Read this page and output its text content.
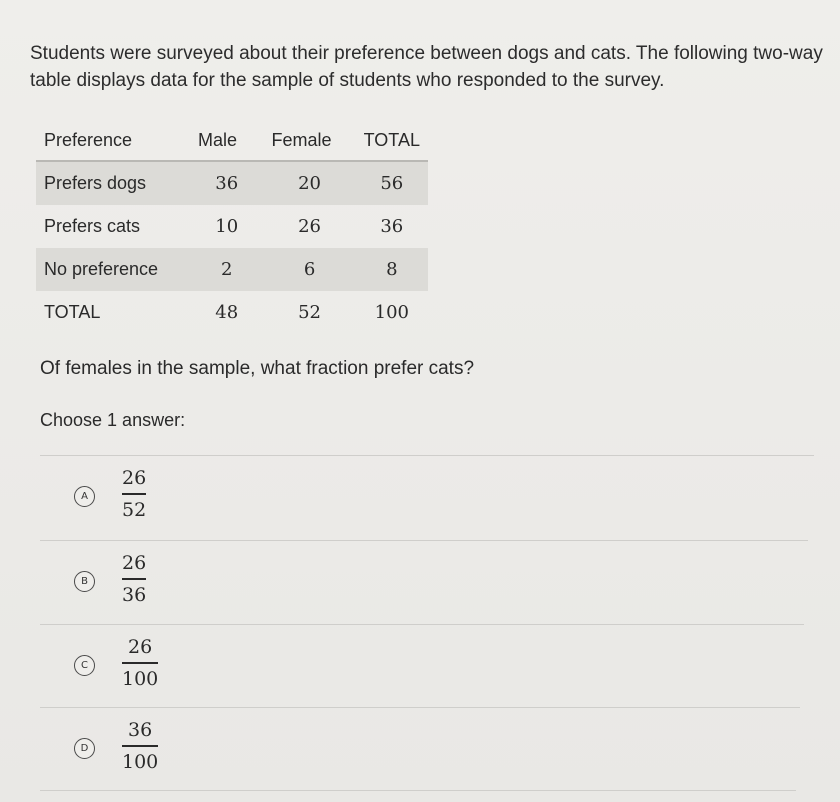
Students were surveyed about their preference between dogs and cats. The following two-way table displays data for the sample of students who responded to the survey.
Preference	Male	Female	TOTAL
Prefers dogs	36	20	56
Prefers cats	10	26	36
No preference	2	6	8
TOTAL	48	52	100
Of females in the sample, what fraction prefer cats?
Choose 1 answer:
A
26
52
B
26
36
C
26
100
D
36
100
